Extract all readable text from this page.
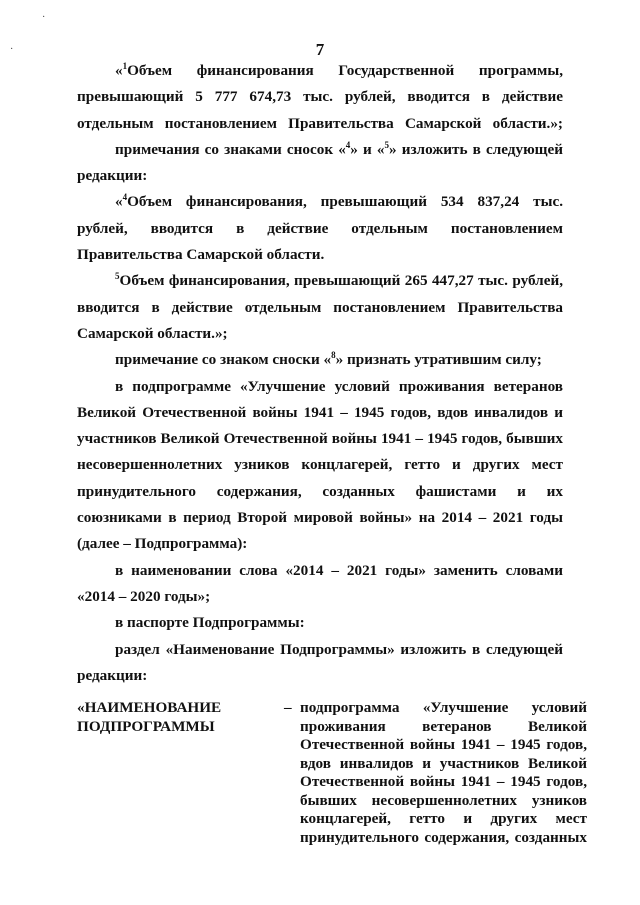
·
·	7

«$^1$Объем финансирования Государственной программы, превышающий 5 777 674,73 тыс. рублей, вводится в действие отдельным постановлением Правительства Самарской области.»;

примечания со знаками сносок «$^4$» и «$^5$» изложить в следующей редакции:

«$^4$Объем финансирования, превышающий 534 837,24 тыс. рублей, вводится в действие отдельным постановлением Правительства Самарской области.

$^5$Объем финансирования, превышающий 265 447,27 тыс. рублей, вводится в действие отдельным постановлением Правительства Самарской области.»;

примечание со знаком сноски «$^8$» признать утратившим силу;

в подпрограмме «Улучшение условий проживания ветеранов Великой Отечественной войны 1941 – 1945 годов, вдов инвалидов и участников Великой Отечественной войны 1941 – 1945 годов, бывших несовершеннолетних узников концлагерей, гетто и других мест принудительного содержания, созданных фашистами и их союзниками в период Второй мировой войны» на 2014 – 2021 годы (далее – Подпрограмма):

в наименовании слова «2014 – 2021 годы» заменить словами «2014 – 2020 годы»;

в паспорте Подпрограммы:

раздел «Наименование Подпрограммы» изложить в следующей редакции:

«НАИМЕНОВАНИЕ
ПОДПРОГРАММЫ
– подпрограмма «Улучшение условий проживания ветеранов Великой Отечественной войны 1941 – 1945 годов, вдов инвалидов и участников Великой Отечественной войны 1941 – 1945 годов, бывших несовершеннолетних узников концлагерей, гетто и других мест принудительного содержания, созданных
